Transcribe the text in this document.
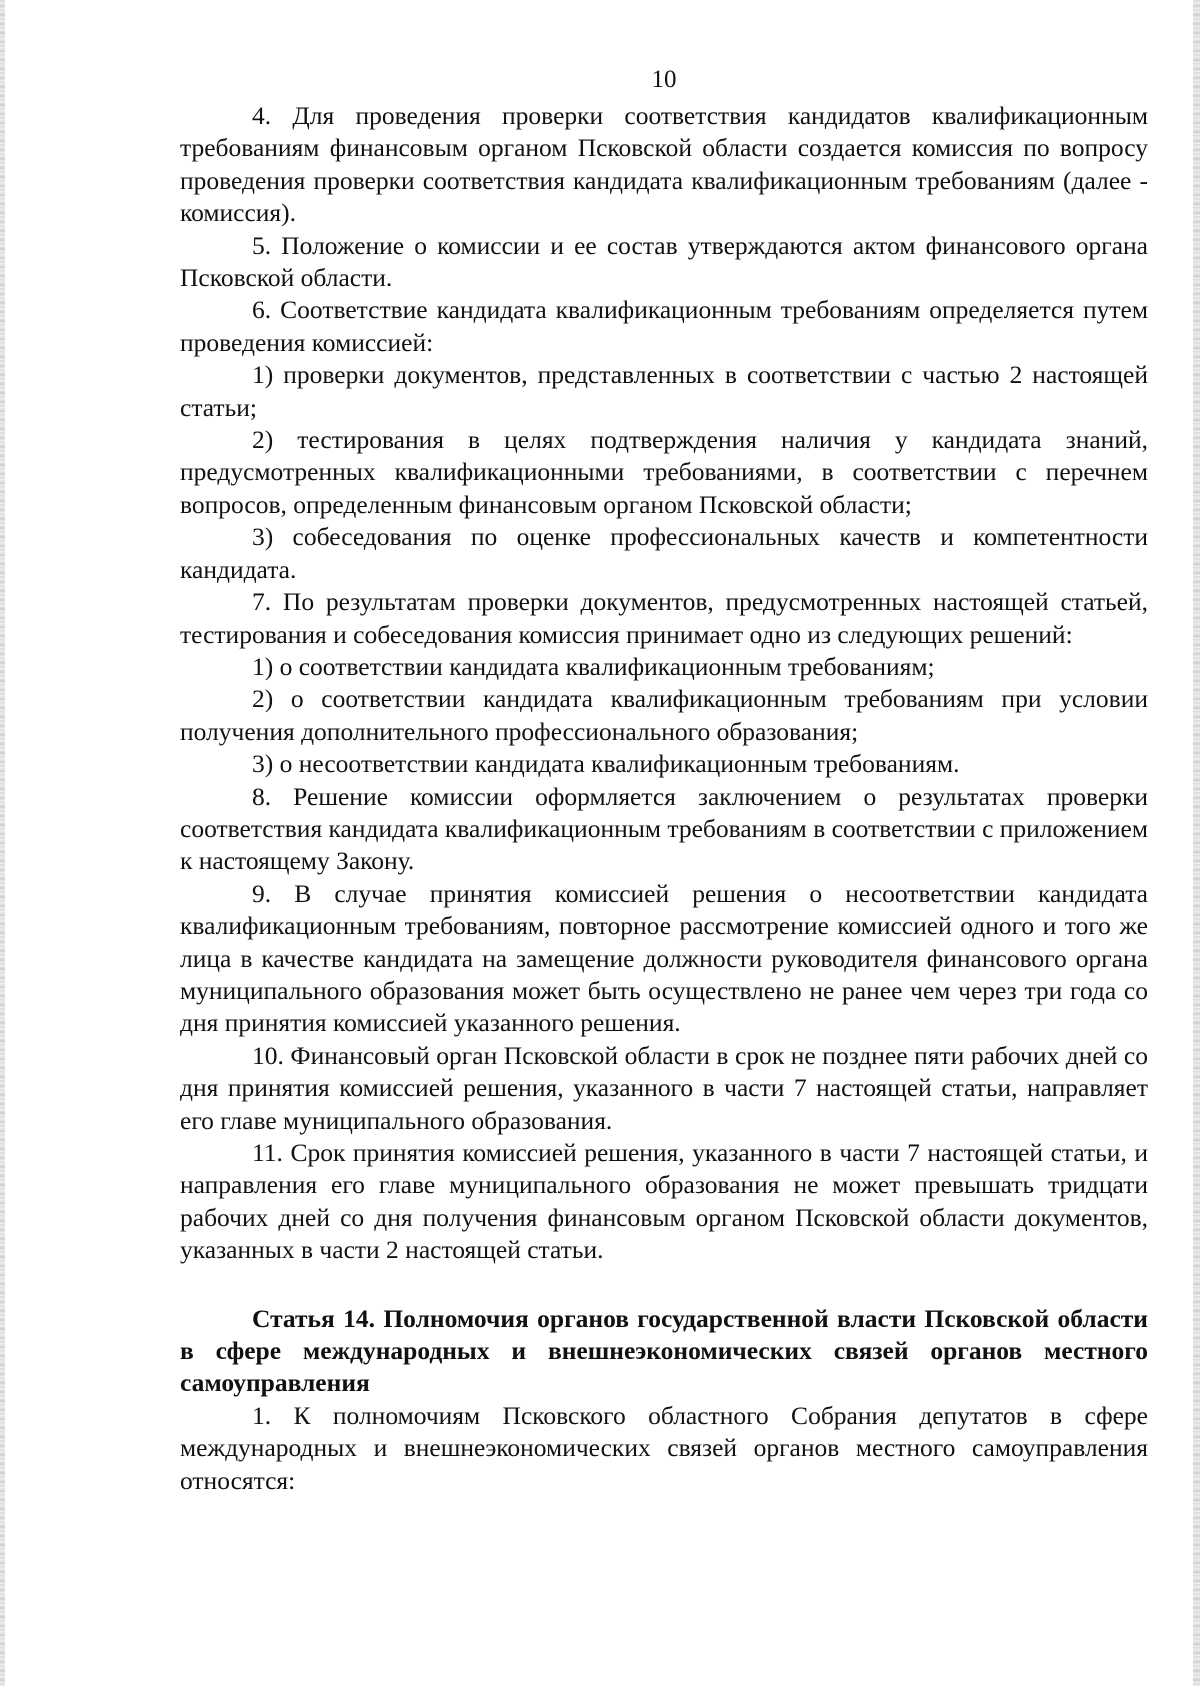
10

4. Для проведения проверки соответствия кандидатов квалификационным требованиям финансовым органом Псковской области создается комиссия по вопросу проведения проверки соответствия кандидата квалификационным требованиям (далее - комиссия).

5. Положение о комиссии и ее состав утверждаются актом финансового органа Псковской области.

6. Соответствие кандидата квалификационным требованиям определяется путем проведения комиссией:

1) проверки документов, представленных в соответствии с частью 2 настоящей статьи;

2) тестирования в целях подтверждения наличия у кандидата знаний, предусмотренных квалификационными требованиями, в соответствии с перечнем вопросов, определенным финансовым органом Псковской области;

3) собеседования по оценке профессиональных качеств и компетентности кандидата.

7. По результатам проверки документов, предусмотренных настоящей статьей, тестирования и собеседования комиссия принимает одно из следующих решений:

1) о соответствии кандидата квалификационным требованиям;

2) о соответствии кандидата квалификационным требованиям при условии получения дополнительного профессионального образования;

3) о несоответствии кандидата квалификационным требованиям.

8. Решение комиссии оформляется заключением о результатах проверки соответствия кандидата квалификационным требованиям в соответствии с приложением к настоящему Закону.

9. В случае принятия комиссией решения о несоответствии кандидата квалификационным требованиям, повторное рассмотрение комиссией одного и того же лица в качестве кандидата на замещение должности руководителя финансового органа муниципального образования может быть осуществлено не ранее чем через три года со дня принятия комиссией указанного решения.

10. Финансовый орган Псковской области в срок не позднее пяти рабочих дней со дня принятия комиссией решения, указанного в части 7 настоящей статьи, направляет его главе муниципального образования.

11. Срок принятия комиссией решения, указанного в части 7 настоящей статьи, и направления его главе муниципального образования не может превышать тридцати рабочих дней со дня получения финансовым органом Псковской области документов, указанных в части 2 настоящей статьи.

Статья 14. Полномочия органов государственной власти Псковской области в сфере международных и внешнеэкономических связей органов местного самоуправления

1. К полномочиям Псковского областного Собрания депутатов в сфере международных и внешнеэкономических связей органов местного самоуправления относятся:
